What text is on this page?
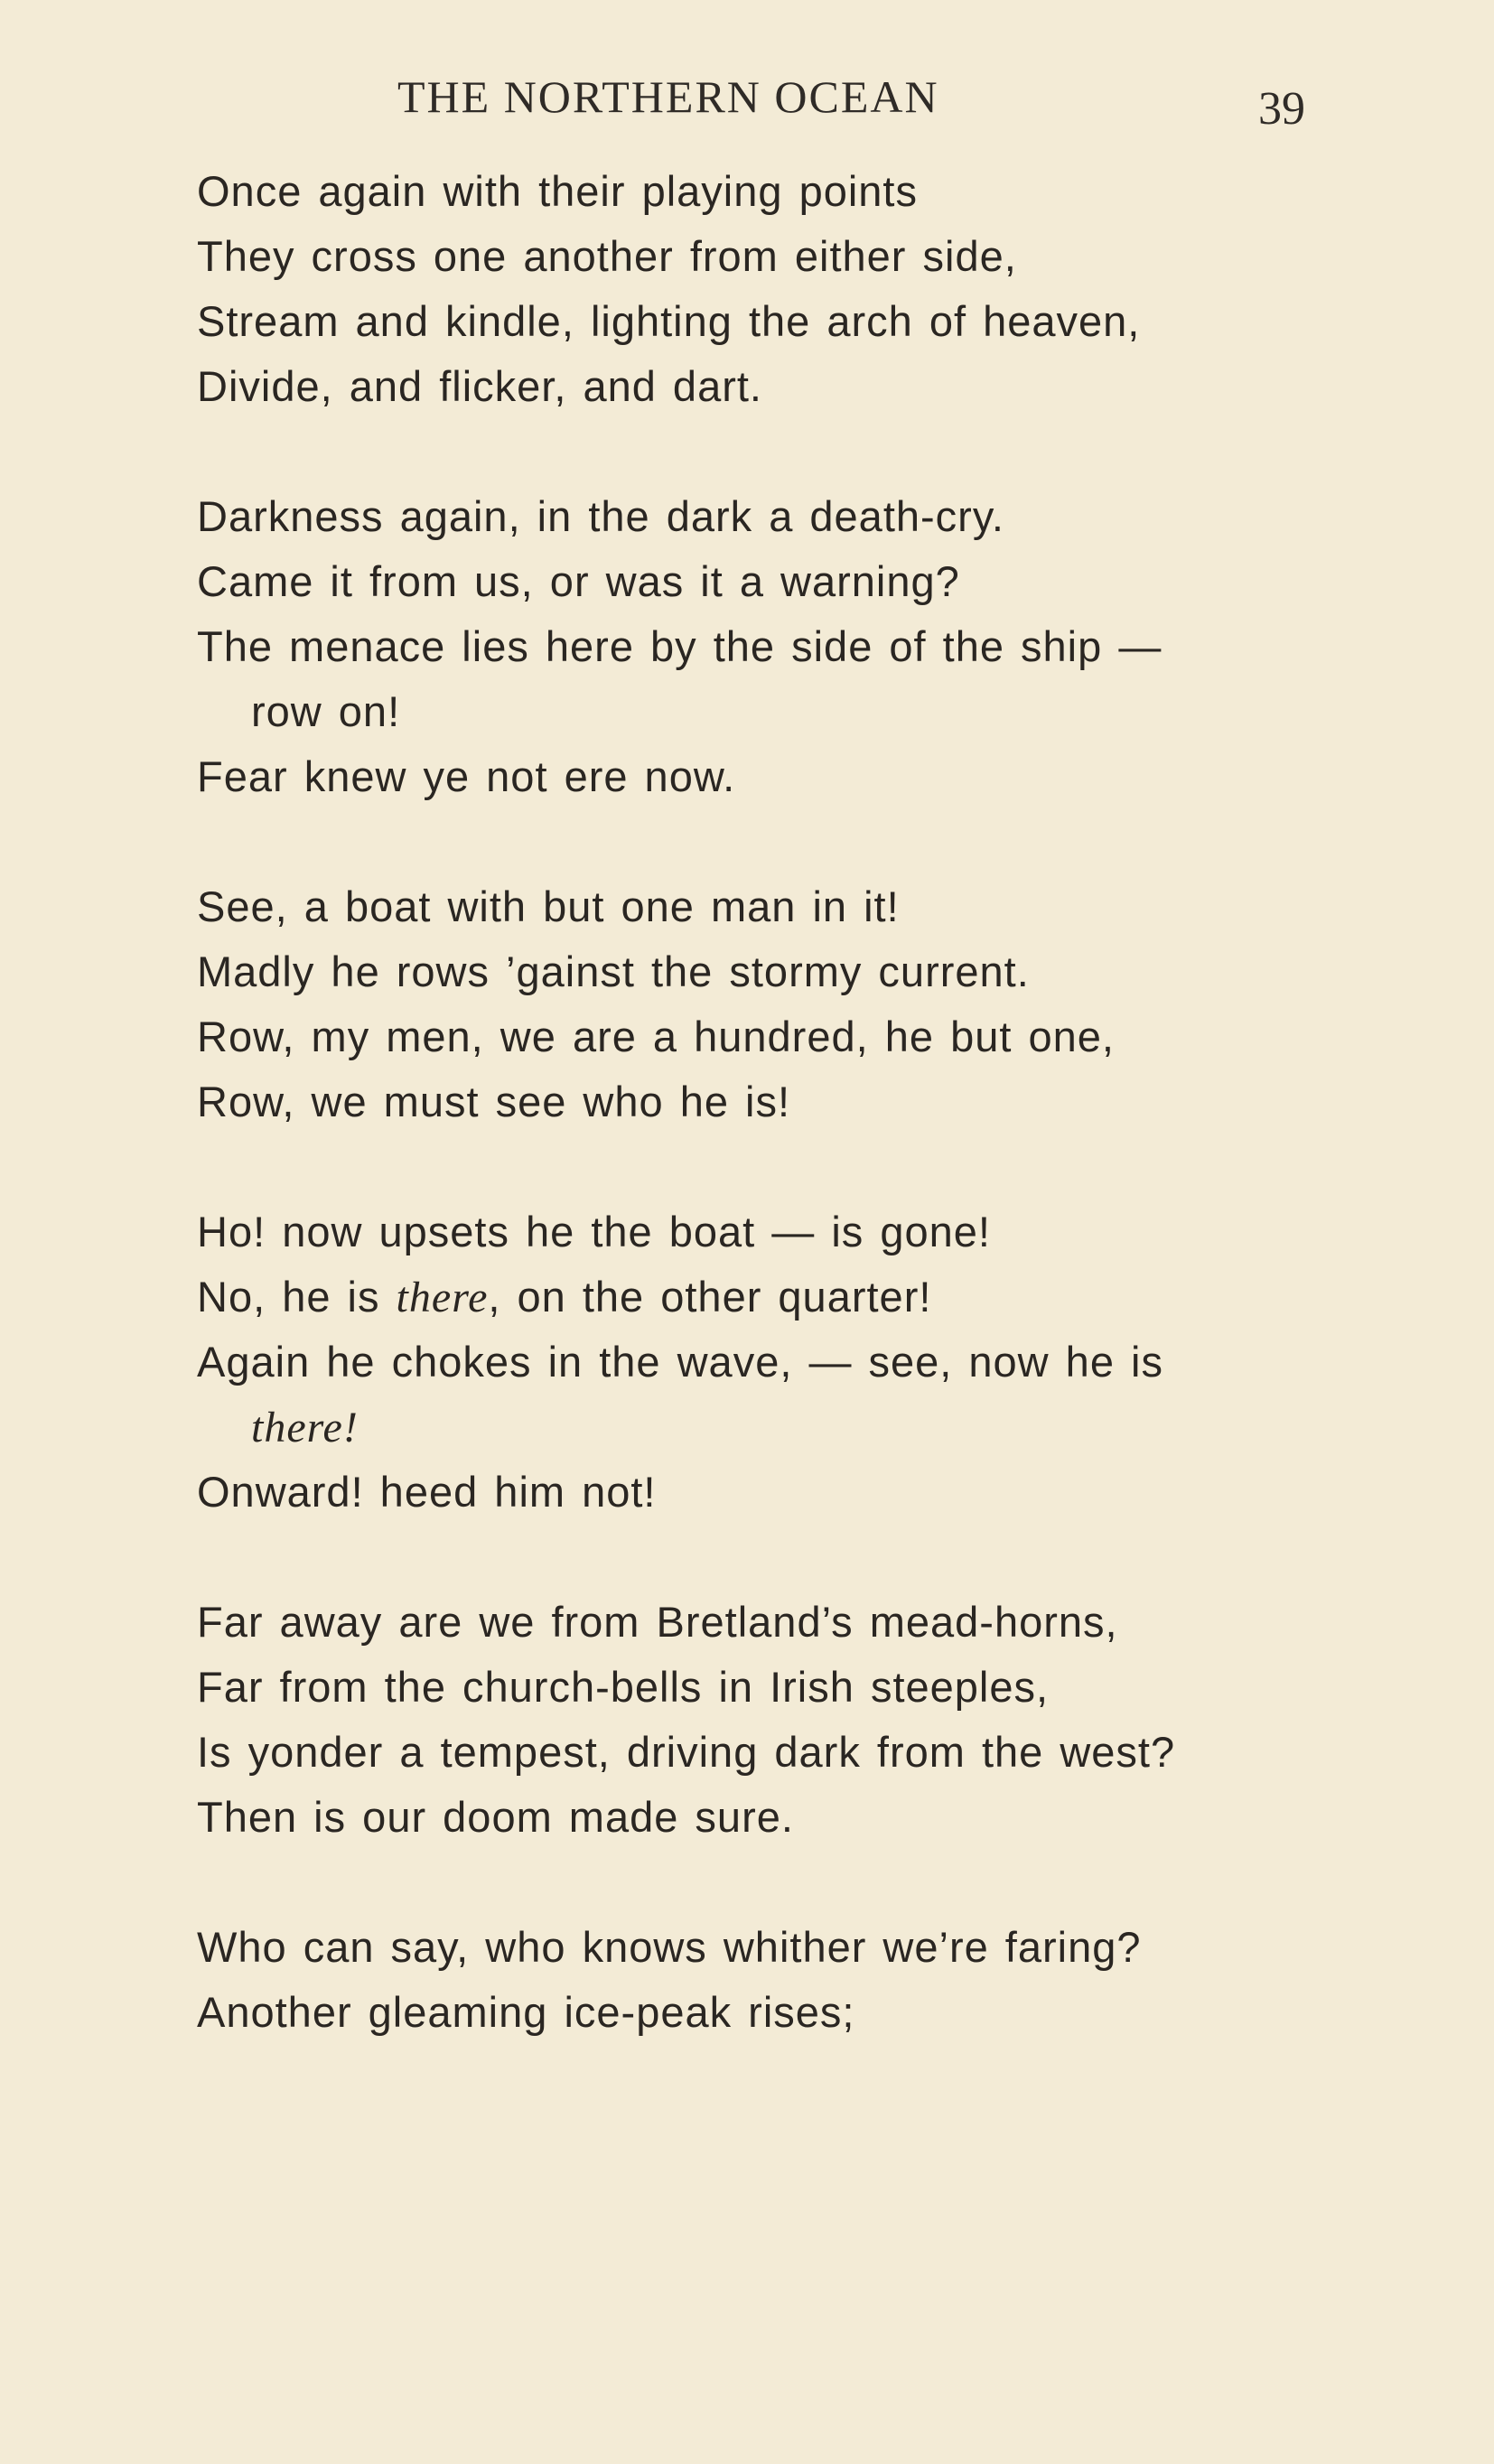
THE NORTHERN OCEAN	39
Once again with their playing points
They cross one another from either side,
Stream and kindle, lighting the arch of heaven,
Divide, and flicker, and dart.
Darkness again, in the dark a death-cry.
Came it from us, or was it a warning?
The menace lies here by the side of the ship —
row on!
Fear knew ye not ere now.
See, a boat with but one man in it!
Madly he rows ’gainst the stormy current.
Row, my men, we are a hundred, he but one,
Row, we must see who he is!
Ho! now upsets he the boat — is gone!
No, he is there, on the other quarter!
Again he chokes in the wave, — see, now he is
there!
Onward! heed him not!
Far away are we from Bretland’s mead-horns,
Far from the church-bells in Irish steeples,
Is yonder a tempest, driving dark from the west?
Then is our doom made sure.
Who can say, who knows whither we’re faring?
Another gleaming ice-peak rises;
